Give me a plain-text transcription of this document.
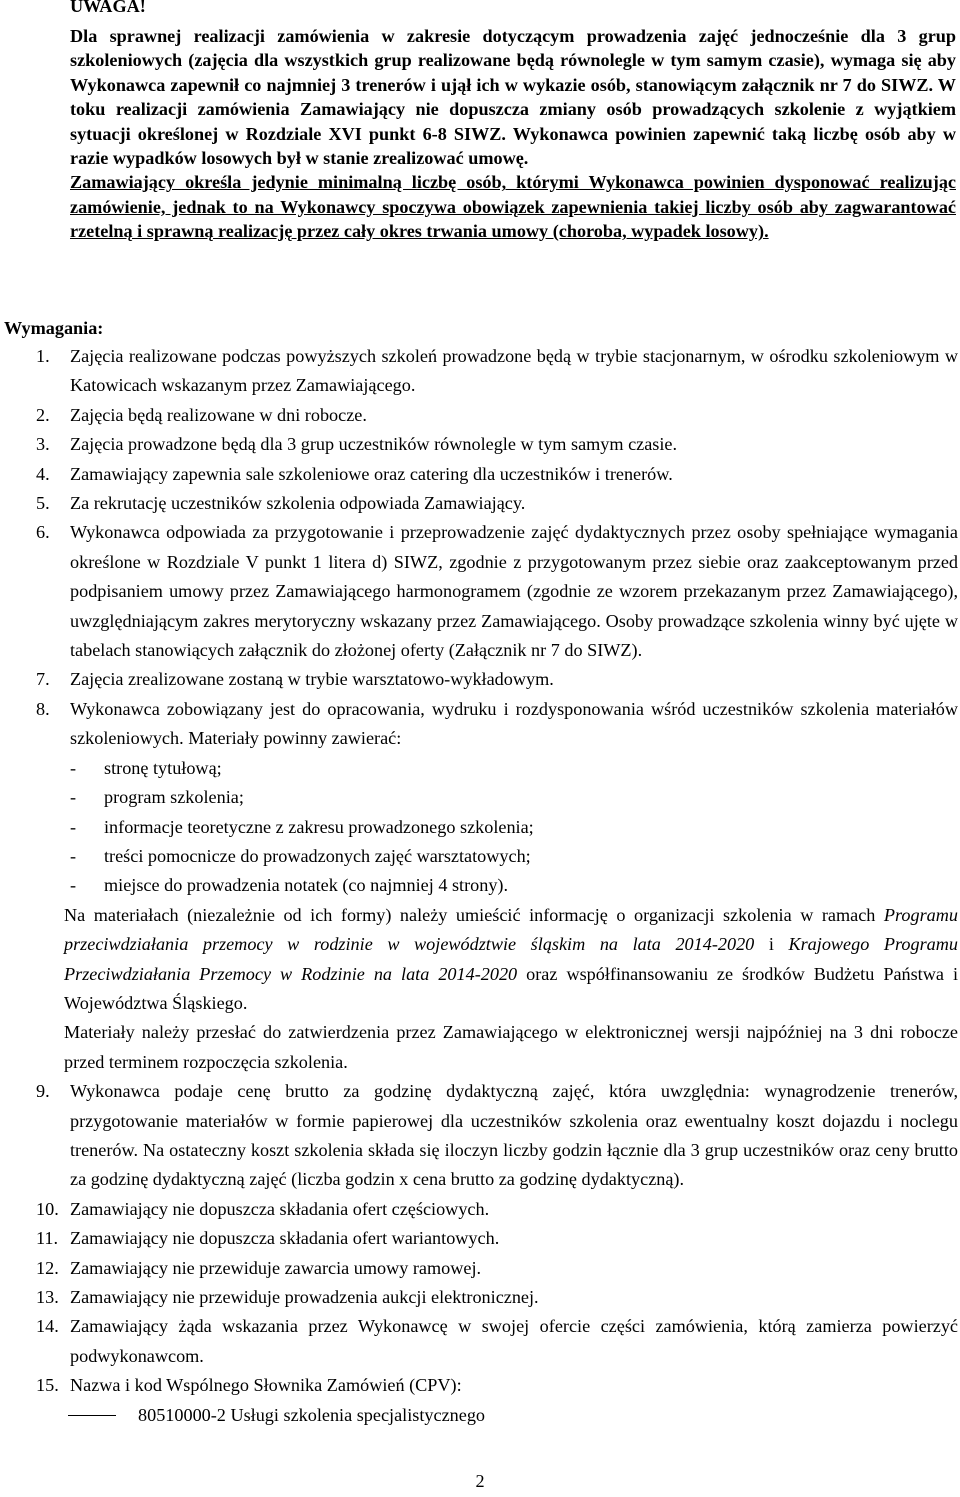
UWAGA!
Dla sprawnej realizacji zamówienia w zakresie dotyczącym prowadzenia zajęć jednocześnie dla 3 grup szkoleniowych (zajęcia dla wszystkich grup realizowane będą równolegle w tym samym czasie), wymaga się aby Wykonawca zapewnił co najmniej 3 trenerów i ujął ich w wykazie osób, stanowiącym załącznik nr 7 do SIWZ. W toku realizacji zamówienia Zamawiający nie dopuszcza zmiany osób prowadzących szkolenie z wyjątkiem sytuacji określonej w Rozdziale XVI punkt 6-8 SIWZ. Wykonawca powinien zapewnić taką liczbę osób aby w razie wypadków losowych był w stanie zrealizować umowę.
Zamawiający określa jedynie minimalną liczbę osób, którymi Wykonawca powinien dysponować realizując zamówienie, jednak to na Wykonawcy spoczywa obowiązek zapewnienia takiej liczby osób aby zagwarantować rzetelną i sprawną realizację przez cały okres trwania umowy (choroba, wypadek losowy).
Wymagania:
1. Zajęcia realizowane podczas powyższych szkoleń prowadzone będą w trybie stacjonarnym, w ośrodku szkoleniowym w Katowicach wskazanym przez Zamawiającego.
2. Zajęcia będą realizowane w dni robocze.
3. Zajęcia prowadzone będą dla 3 grup uczestników równolegle w tym samym czasie.
4. Zamawiający zapewnia sale szkoleniowe oraz catering dla uczestników i trenerów.
5. Za rekrutację uczestników szkolenia odpowiada Zamawiający.
6. Wykonawca odpowiada za przygotowanie i przeprowadzenie zajęć dydaktycznych przez osoby spełniające wymagania określone w Rozdziale V punkt 1 litera d) SIWZ, zgodnie z przygotowanym przez siebie oraz zaakceptowanym przed podpisaniem umowy przez Zamawiającego harmonogramem (zgodnie ze wzorem przekazanym przez Zamawiającego), uwzględniającym zakres merytoryczny wskazany przez Zamawiającego. Osoby prowadzące szkolenia winny być ujęte w tabelach stanowiących załącznik do złożonej oferty (Załącznik nr 7 do SIWZ).
7. Zajęcia zrealizowane zostaną w trybie warsztatowo-wykładowym.
8. Wykonawca zobowiązany jest do opracowania, wydruku i rozdysponowania wśród uczestników szkolenia materiałów szkoleniowych. Materiały powinny zawierać:
- stronę tytułową;
- program szkolenia;
- informacje teoretyczne z zakresu prowadzonego szkolenia;
- treści pomocnicze do prowadzonych zajęć warsztatowych;
- miejsce do prowadzenia notatek (co najmniej 4 strony).
Na materiałach (niezależnie od ich formy) należy umieścić informację o organizacji szkolenia w ramach Programu przeciwdziałania przemocy w rodzinie w województwie śląskim na lata 2014-2020 i Krajowego Programu Przeciwdziałania Przemocy w Rodzinie na lata 2014-2020 oraz współfinansowaniu ze środków Budżetu Państwa i Województwa Śląskiego.
Materiały należy przesłać do zatwierdzenia przez Zamawiającego w elektronicznej wersji najpóźniej na 3 dni robocze przed terminem rozpoczęcia szkolenia.
9. Wykonawca podaje cenę brutto za godzinę dydaktyczną zajęć, która uwzględnia: wynagrodzenie trenerów, przygotowanie materiałów w formie papierowej dla uczestników szkolenia oraz ewentualny koszt dojazdu i noclegu trenerów. Na ostateczny koszt szkolenia składa się iloczyn liczby godzin łącznie dla 3 grup uczestników oraz ceny brutto za godzinę dydaktyczną zajęć (liczba godzin x cena brutto za godzinę dydaktyczną).
10. Zamawiający nie dopuszcza składania ofert częściowych.
11. Zamawiający nie dopuszcza składania ofert wariantowych.
12. Zamawiający nie przewiduje zawarcia umowy ramowej.
13. Zamawiający nie przewiduje prowadzenia aukcji elektronicznej.
14. Zamawiający żąda wskazania przez Wykonawcę w swojej ofercie części zamówienia, którą zamierza powierzyć podwykonawcom.
15. Nazwa i kod Wspólnego Słownika Zamówień (CPV):
80510000-2 Usługi szkolenia specjalistycznego
2
